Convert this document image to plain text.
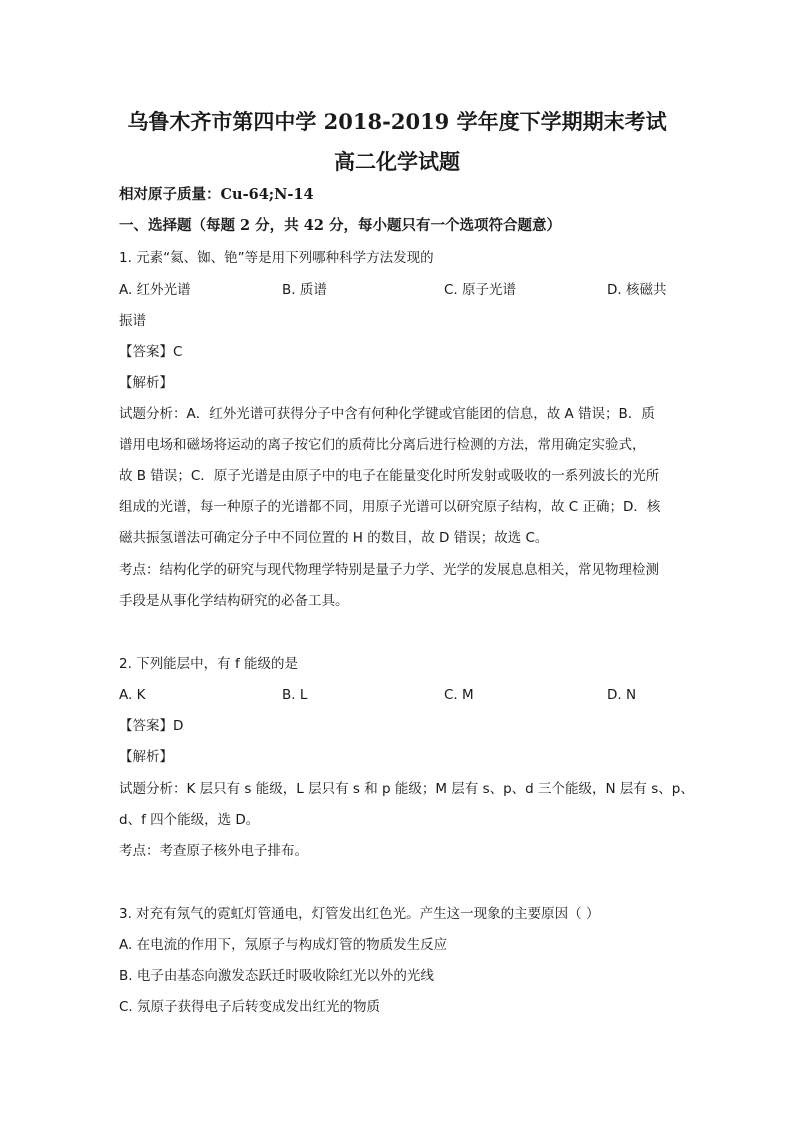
乌鲁木齐市第四中学 2018-2019 学年度下学期期末考试
高二化学试题
相对原子质量：Cu-64;N-14
一、选择题（每题 2 分，共 42 分，每小题只有一个选项符合题意）
1. 元素“氦、铷、铯”等是用下列哪种科学方法发现的
A. 红外光谱	B. 质谱	C. 原子光谱	D. 核磁共
振谱
【答案】C
【解析】
试题分析：A．红外光谱可获得分子中含有何种化学键或官能团的信息，故 A 错误；B．质
谱用电场和磁场将运动的离子按它们的质荷比分离后进行检测的方法，常用确定实验式，
故 B 错误；C．原子光谱是由原子中的电子在能量变化时所发射或吸收的一系列波长的光所
组成的光谱，每一种原子的光谱都不同，用原子光谱可以研究原子结构，故 C 正确；D．核
磁共振氢谱法可确定分子中不同位置的 H 的数目，故 D 错误；故选 C。
考点：结构化学的研究与现代物理学特别是量子力学、光学的发展息息相关，常见物理检测
手段是从事化学结构研究的必备工具。
2. 下列能层中，有 f 能级的是
A. K	B. L	C. M	D. N
【答案】D
【解析】
试题分析：K 层只有 s 能级，L 层只有 s 和 p 能级；M 层有 s、p、d 三个能级，N 层有 s、p、
d、f 四个能级，选 D。
考点：考查原子核外电子排布。
3. 对充有氖气的霓虹灯管通电，灯管发出红色光。产生这一现象的主要原因（ ）
A. 在电流的作用下，氖原子与构成灯管的物质发生反应
B. 电子由基态向激发态跃迁时吸收除红光以外的光线
C. 氖原子获得电子后转变成发出红光的物质
